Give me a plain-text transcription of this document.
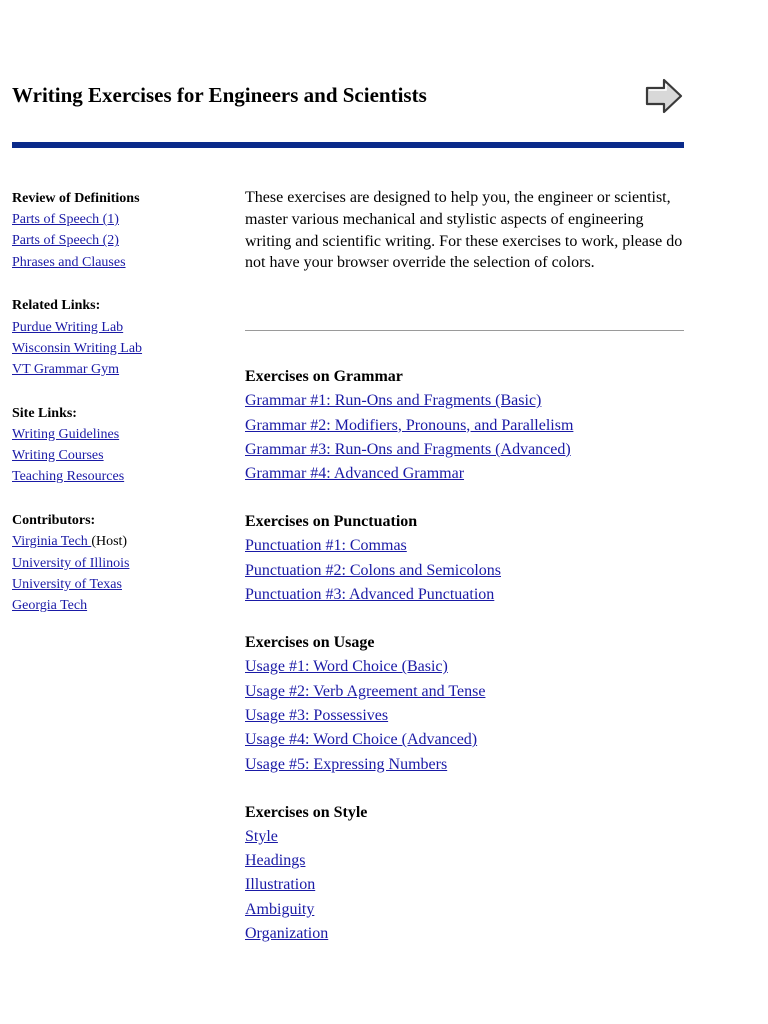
Writing Exercises for Engineers and Scientists
Review of Definitions
Parts of Speech (1)
Parts of Speech (2)
Phrases and Clauses
Related Links:
Purdue Writing Lab
Wisconsin Writing Lab
VT Grammar Gym
Site Links:
Writing Guidelines
Writing Courses
Teaching Resources
Contributors:
Virginia Tech (Host)
University of Illinois
University of Texas
Georgia Tech

These exercises are designed to help you, the engineer or scientist, master various mechanical and stylistic aspects of engineering writing and scientific writing. For these exercises to work, please do not have your browser override the selection of colors.

Exercises on Grammar
Grammar #1: Run-Ons and Fragments (Basic)
Grammar #2: Modifiers, Pronouns, and Parallelism
Grammar #3: Run-Ons and Fragments (Advanced)
Grammar #4: Advanced Grammar
Exercises on Punctuation
Punctuation #1: Commas
Punctuation #2: Colons and Semicolons
Punctuation #3: Advanced Punctuation
Exercises on Usage
Usage #1: Word Choice (Basic)
Usage #2: Verb Agreement and Tense
Usage #3: Possessives
Usage #4: Word Choice (Advanced)
Usage #5: Expressing Numbers
Exercises on Style
Style
Headings
Illustration
Ambiguity
Organization
